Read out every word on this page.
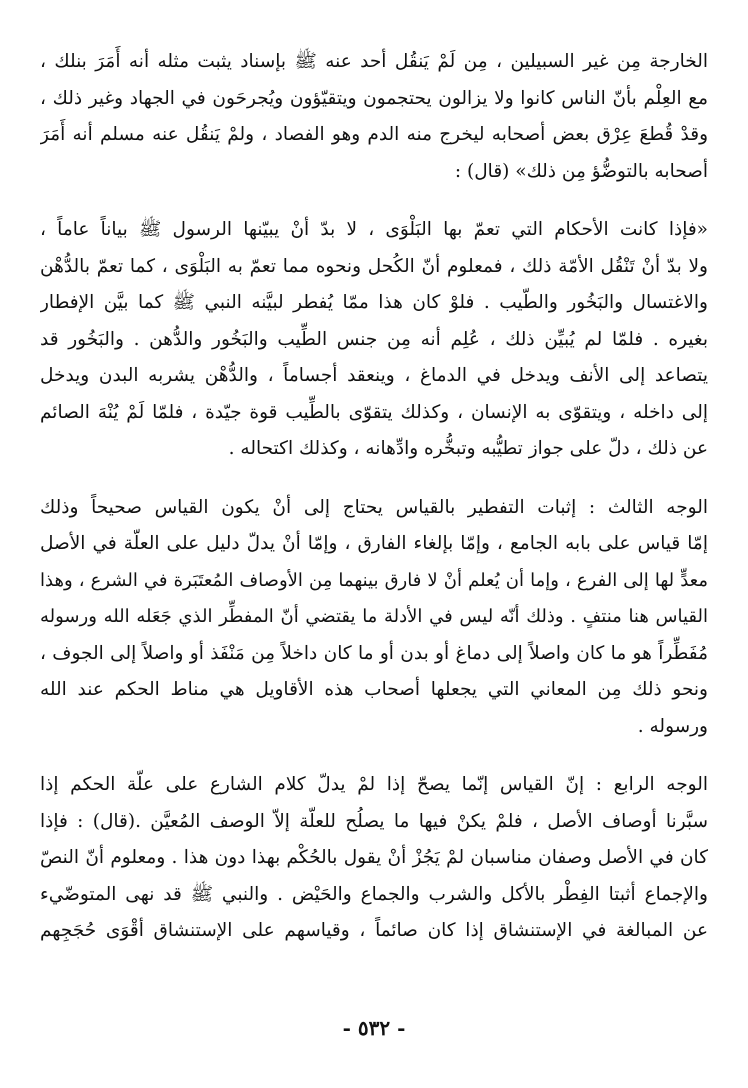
الخارجة مِن غير السبيلين ، مِن لَمْ يَنقُل أحد عنه ﷺ بإسناد يثبت مثله أنه أَمَرَ بنلك ،
مع العِلْم بأنّ الناس كانوا ولا يزالون يحتجمون ويتقيّؤون ويُجرحَون في الجهاد وغير ذلك ،
وقدْ قُطعَ عِرْق بعض أصحابه ليخرج منه الدم وهو الفصاد ، ولمْ يَنقُل عنه مسلم أنه أَمَرَ
أصحابه بالتوضُّؤ مِن ذلك» (قال) :
«فإذا كانت الأحكام التي تعمّ بها البَلْوَى ، لا بدّ أنْ يبيّنها الرسول ﷺ بياناً عاماً ،
ولا بدّ أنْ تَنْقُل الأمّة ذلك ، فمعلوم أنّ الكُحل ونحوه مما تعمّ به البَلْوَى ، كما تعمّ بالدُّهْن
والاغتسال والبَخُور والطّيب . فلوْ كان هذا ممّا يُفطر لبيَّنه النبي ﷺ كما بيَّن الإفطار
بغيره . فلمّا لم يُبيِّن ذلك ، عُلِم أنه مِن جنس الطِّيب والبَخُور والدُّهن . والبَخُور قد
يتصاعد إلى الأنف ويدخل في الدماغ ، وينعقد أجساماً ، والدُّهْن يشربه البدن ويدخل
إلى داخله ، ويتقوّى به الإنسان ، وكذلك يتقوّى بالطِّيب قوة جيّدة ، فلمّا لَمْ يُنْهَ الصائم
عن ذلك ، دلّ على جواز تطيُّبه وتبخُّره وادِّهانه ، وكذلك اكتحاله .
الوجه الثالث : إثبات التفطير بالقياس يحتاج إلى أنْ يكون القياس صحيحاً وذلك
إمّا قياس على بابه الجامع ، وإمّا بإلغاء الفارق ، وإمّا أنْ يدلّ دليل على العلّة في الأصل
معدٍّ لها إلى الفرع ، وإما أن يُعلم أنْ لا فارق بينهما مِن الأوصاف المُعتَبَرة في الشرع ، وهذا
القياس هنا منتفٍ . وذلك أنّه ليس في الأدلة ما يقتضي أنّ المفطِّر الذي جَعَله الله ورسوله
مُفَطِّراً هو ما كان واصلاً إلى دماغ أو بدن أو ما كان داخلاً مِن مَنْفَذ أو واصلاً إلى الجوف ،
ونحو ذلك مِن المعاني التي يجعلها أصحاب هذه الأقاويل هي مناط الحكم عند الله
ورسوله .
الوجه الرابع : إنّ القياس إنّما يصحّ إذا لمْ يدلّ كلام الشارع على علّة الحكم إذا
سبَّرنا أوصاف الأصل ، فلمْ يكنْ فيها ما يصلُح للعلّة إلاّ الوصف المُعيَّن .(قال) : فإذا
كان في الأصل وصفان مناسبان لمْ يَجُزْ أنْ يقول بالحُكْم بهذا دون هذا . ومعلوم أنّ النصّ
والإجماع أثبتا الفِطْر بالأكل والشرب والجماع والحَيْض . والنبي ﷺ قد نهى المتوضّيء
عن المبالغة في الإستنشاق إذا كان صائماً ، وقياسهم على الإستنشاق أقْوَى حُجَجِهم
- ٥٣٢ -
